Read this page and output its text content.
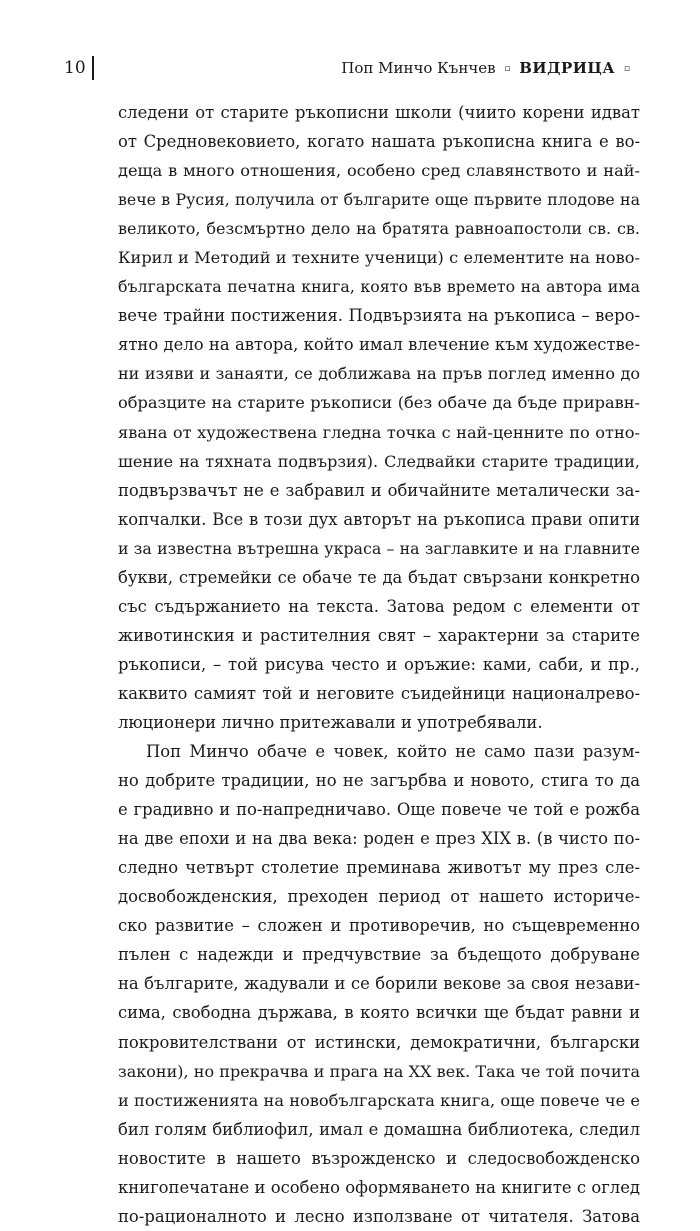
10	Поп Минчо Кънчев ▫ ВИДРИЦА ▫
следени от старите ръкописни школи (чиито корени идват
от Средновековието, когато нашата ръкописна книга е во-
деща в много отношения, особено сред славянството и най-
вече в Русия, получила от българите още първите плодове на
великото, безсмъртно дело на братята равноапостоли св. св.
Кирил и Методий и техните ученици) с елементите на ново-
българската печатна книга, която във времето на автора има
вече трайни постижения. Подвързията на ръкописа – веро-
ятно дело на автора, който имал влечение към художестве-
ни изяви и занаяти, се доближава на пръв поглед именно до
образците на старите ръкописи (без обаче да бъде приравн-
явана от художествена гледна точка с най-ценните по отно-
шение на тяхната подвързия). Следвайки старите традиции,
подвързвачът не е забравил и обичайните металически за-
копчалки. Все в този дух авторът на ръкописа прави опити
и за известна вътрешна украса – на заглавките и на главните
букви, стремейки се обаче те да бъдат свързани конкретно
със съдържанието на текста. Затова редом с елементи от
животинския и растителния свят – характерни за старите
ръкописи, – той рисува често и оръжие: ками, саби, и пр.,
каквито самият той и неговите съидейници националрево-
люционери лично притежавали и употребявали.
Поп Минчо обаче е човек, който не само пази разум-
но добрите традиции, но не загърбва и новото, стига то да
е градивно и по-напредничаво. Още повече че той е рожба
на две епохи и на два века: роден е през XIX в. (в чисто по-
следно четвърт столетие преминава животът му през сле-
досвобожденския, преходен период от нашето историче-
ско развитие – сложен и противоречив, но същевременно
пълен с надежди и предчувствие за бъдещото добруване
на българите, жадували и се борили векове за своя незави-
сима, свободна държава, в която всички ще бъдат равни и
покровителствани от истински, демократични, български
закони), но прекрачва и прага на XX век. Така че той почита
и постиженията на новобългарската книга, още повече че е
бил голям библиофил, имал е домашна библиотека, следил
новостите в нашето възрожденско и следосвобожденско
книгопечатане и особено оформяването на книгите с оглед
по-рационалното и лесно използване от читателя. Затова
